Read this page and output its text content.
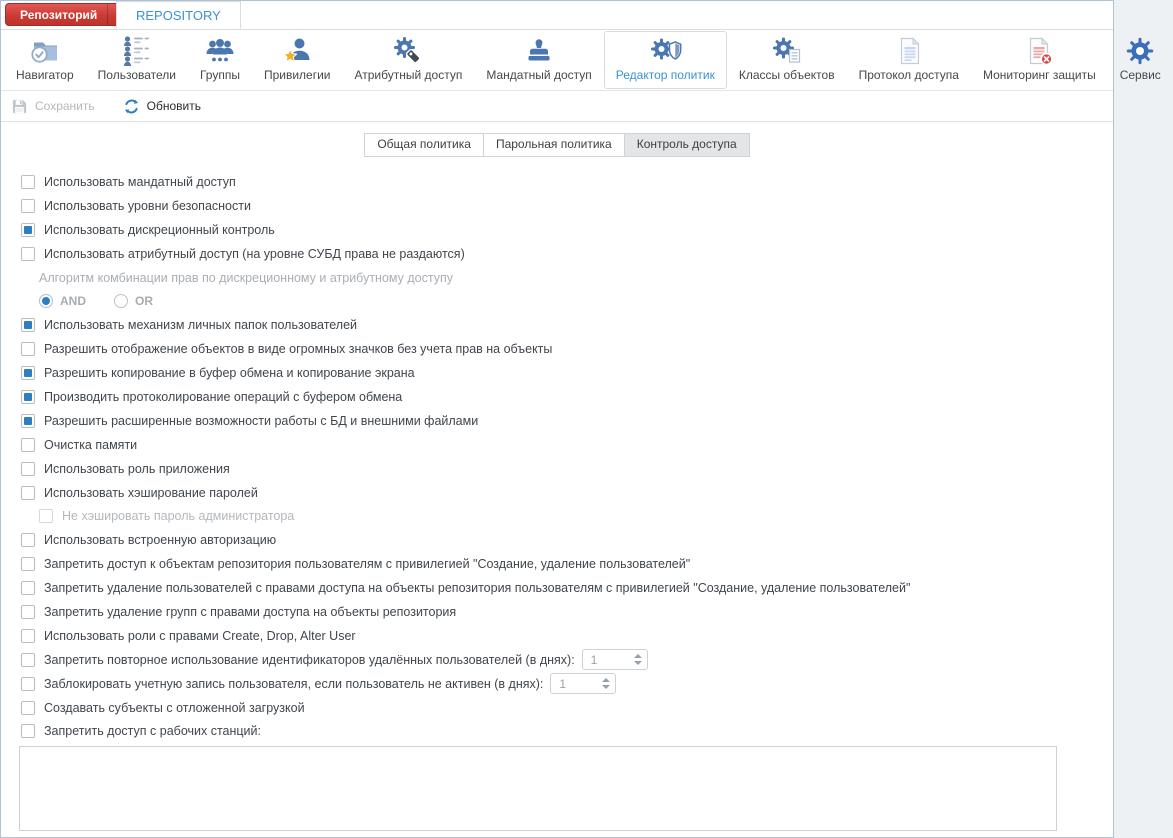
Репозиторий	REPOSITORY
Навигатор Пользователи Группы Привилегии Атрибутный доступ Мандатный доступ Редактор политик Классы объектов Протокол доступа Мониторинг защиты Сервис
Сохранить	Обновить
Общая политика	Парольная политика	Контроль доступа
Использовать мандатный доступ
Использовать уровни безопасности
Использовать дискреционный контроль
Использовать атрибутный доступ (на уровне СУБД права не раздаются)
Алгоритм комбинации прав по дискреционному и атрибутному доступу
AND	OR
Использовать механизм личных папок пользователей
Разрешить отображение объектов в виде огромных значков без учета прав на объекты
Разрешить копирование в буфер обмена и копирование экрана
Производить протоколирование операций с буфером обмена
Разрешить расширенные возможности работы с БД и внешними файлами
Очистка памяти
Использовать роль приложения
Использовать хэширование паролей
Не хэшировать пароль администратора
Использовать встроенную авторизацию
Запретить доступ к объектам репозитория пользователям с привилегией "Создание, удаление пользователей"
Запретить удаление пользователей с правами доступа на объекты репозитория пользователям с привилегией "Создание, удаление пользователей"
Запретить удаление групп с правами доступа на объекты репозитория
Использовать роли с правами Create, Drop, Alter User
Запретить повторное использование идентификаторов удалённых пользователей (в днях):
1
Заблокировать учетную запись пользователя, если пользователь не активен (в днях):
1
Создавать субъекты с отложенной загрузкой
Запретить доступ с рабочих станций:
